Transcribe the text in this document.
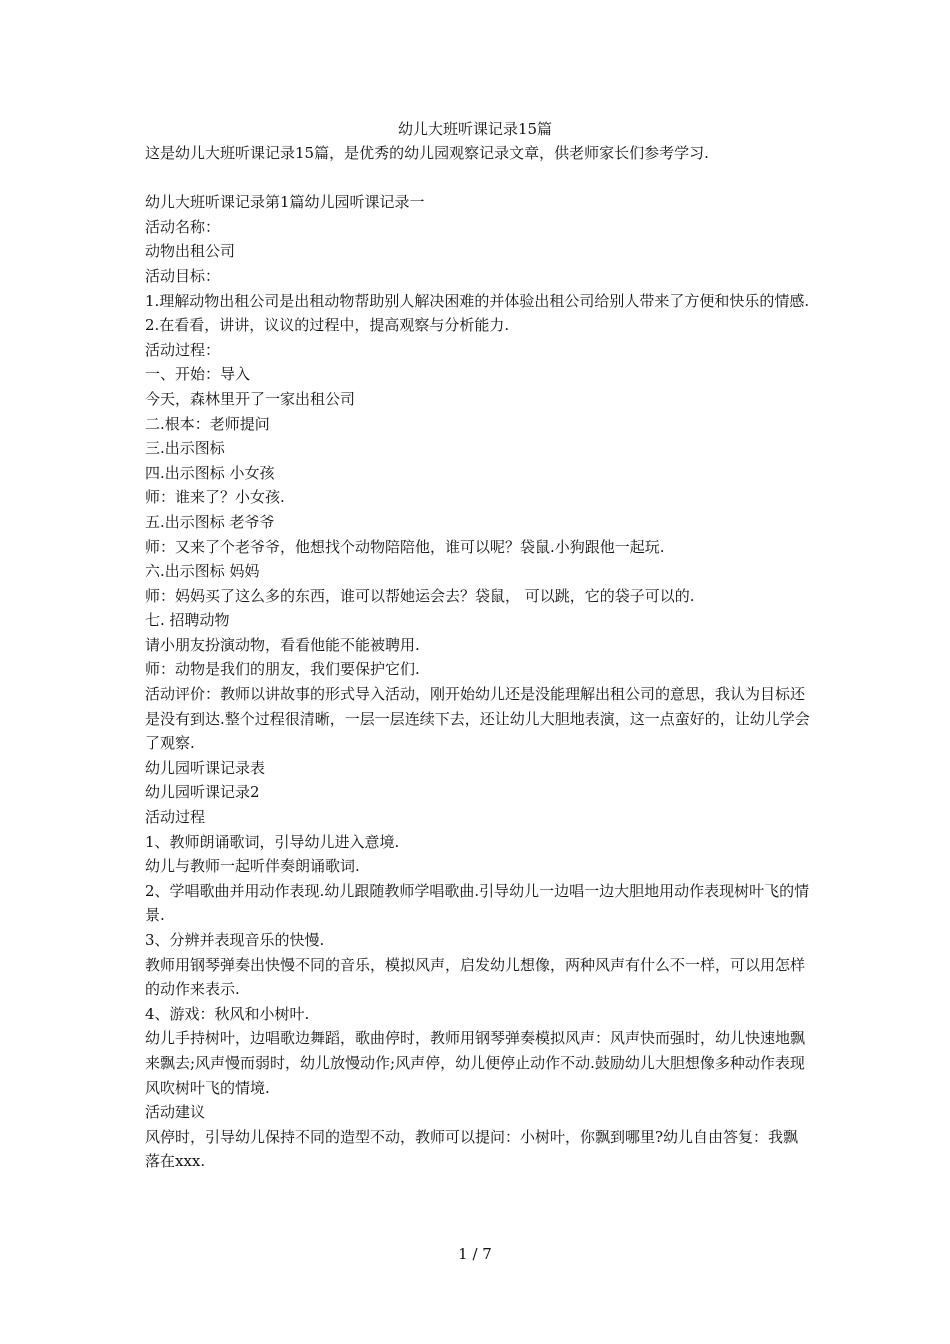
幼儿大班听课记录15篇

这是幼儿大班听课记录15篇，是优秀的幼儿园观察记录文章，供老师家长们参考学习.

幼儿大班听课记录第1篇幼儿园听课记录一

活动名称：

动物出租公司

活动目标：

1.理解动物出租公司是出租动物帮助别人解决困难的并体验出租公司给别人带来了方便和快乐的情感.

2.在看看，讲讲，议议的过程中，提高观察与分析能力.

活动过程：

一、开始：导入

今天，森林里开了一家出租公司

二.根本：老师提问

三.出示图标

四.出示图标 小女孩

师：谁来了？小女孩.

五.出示图标 老爷爷

师：又来了个老爷爷，他想找个动物陪陪他，谁可以呢？袋鼠.小狗跟他一起玩.

六.出示图标 妈妈

师：妈妈买了这么多的东西，谁可以帮她运会去？袋鼠， 可以跳，它的袋子可以的.

七. 招聘动物

请小朋友扮演动物，看看他能不能被聘用.

师：动物是我们的朋友，我们要保护它们.

活动评价：教师以讲故事的形式导入活动，刚开始幼儿还是没能理解出租公司的意思，我认为目标还是没有到达.整个过程很清晰，一层一层连续下去，还让幼儿大胆地表演，这一点蛮好的，让幼儿学会了观察.

幼儿园听课记录表

幼儿园听课记录2

活动过程

1、教师朗诵歌词，引导幼儿进入意境.

幼儿与教师一起听伴奏朗诵歌词.

2、学唱歌曲并用动作表现.幼儿跟随教师学唱歌曲.引导幼儿一边唱一边大胆地用动作表现树叶飞的情景.

3、分辨并表现音乐的快慢.

教师用钢琴弹奏出快慢不同的音乐，模拟风声，启发幼儿想像，两种风声有什么不一样，可以用怎样的动作来表示.

4、游戏：秋风和小树叶.

幼儿手持树叶，边唱歌边舞蹈，歌曲停时，教师用钢琴弹奏模拟风声：风声快而强时，幼儿快速地飘来飘去;风声慢而弱时，幼儿放慢动作;风声停，幼儿便停止动作不动.鼓励幼儿大胆想像多种动作表现风吹树叶飞的情境.

活动建议

风停时，引导幼儿保持不同的造型不动，教师可以提问：小树叶，你飘到哪里?幼儿自由答复：我飘落在xxx.

1 / 7
